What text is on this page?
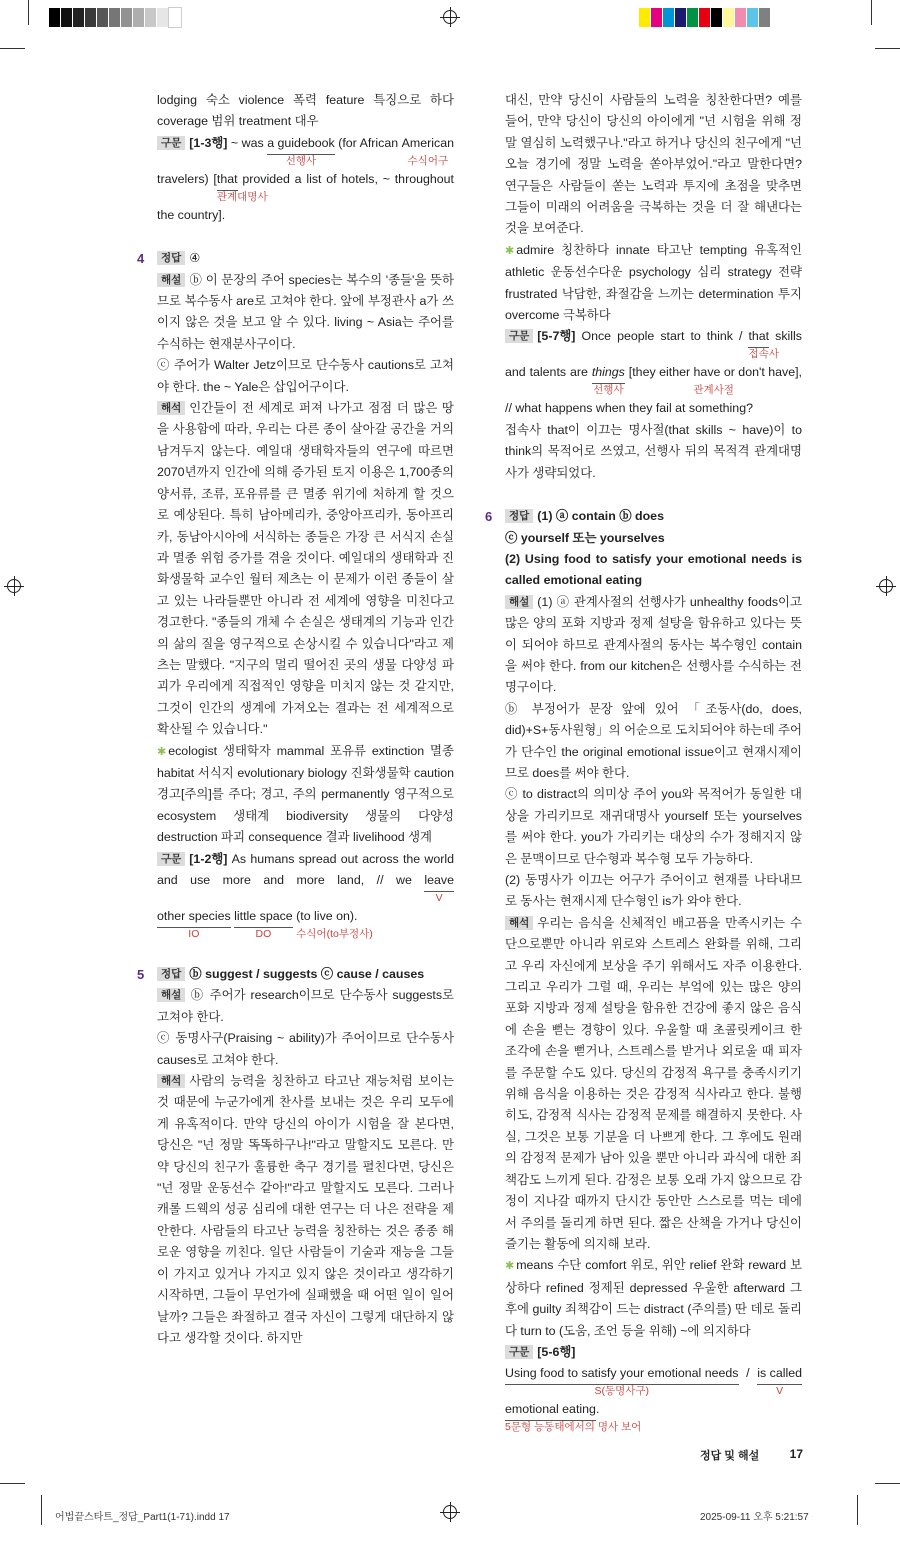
lodging 숙소 violence 폭력 feature 특징으로 하다 coverage 범위 treatment 대우

구문 [1-3행] ~ was a guidebook
선행사
(for African American
수식어구
travelers) [that
관계대명사
provided a list of hotels, ~ throughout the country].

4	정답 ④

해설 ⓑ 이 문장의 주어 species는 복수의 '종들'을 뜻하므로 복수동사 are로 고쳐야 한다. 앞에 부정관사 a가 쓰이지 않은 것을 보고 알 수 있다. living ~ Asia는 주어를 수식하는 현재분사구이다.

ⓒ 주어가 Walter Jetz이므로 단수동사 cautions로 고쳐야 한다. the ~ Yale은 삽입어구이다.

해석 인간들이 전 세계로 퍼져 나가고 점점 더 많은 땅을 사용함에 따라, 우리는 다른 종이 살아갈 공간을 거의 남겨두지 않는다. 예일대 생태학자들의 연구에 따르면 2070년까지 인간에 의해 증가된 토지 이용은 1,700종의 양서류, 조류, 포유류를 큰 멸종 위기에 처하게 할 것으로 예상된다. 특히 남아메리카, 중앙아프리카, 동아프리카, 동남아시아에 서식하는 종들은 가장 큰 서식지 손실과 멸종 위험 증가를 겪을 것이다. 예일대의 생태학과 진화생물학 교수인 월터 제츠는 이 문제가 이런 종들이 살고 있는 나라들뿐만 아니라 전 세계에 영향을 미친다고 경고한다. "종들의 개체 수 손실은 생태계의 기능과 인간의 삶의 질을 영구적으로 손상시킬 수 있습니다"라고 제츠는 말했다. "지구의 멀리 떨어진 곳의 생물 다양성 파괴가 우리에게 직접적인 영향을 미치지 않는 것 같지만, 그것이 인간의 생계에 가져오는 결과는 전 세계적으로 확산될 수 있습니다."

✱ ecologist 생태학자 mammal 포유류 extinction 멸종 habitat 서식지 evolutionary biology 진화생물학 caution 경고[주의]를 주다; 경고, 주의 permanently 영구적으로 ecosystem 생태계 biodiversity 생물의 다양성 destruction 파괴 consequence 결과 livelihood 생계

구문 [1-2행] As humans spread out across the world and use more and more land, // we leave
V
other species
IO
little space
DO
(to live on)
수식어(to부정사)
.

5	정답 ⓑ suggest / suggests ⓒ cause / causes

해설 ⓑ 주어가 research이므로 단수동사 suggests로 고쳐야 한다.

ⓒ 동명사구(Praising ~ ability)가 주어이므로 단수동사 causes로 고쳐야 한다.

해석 사람의 능력을 칭찬하고 타고난 재능처럼 보이는 것 때문에 누군가에게 찬사를 보내는 것은 우리 모두에게 유혹적이다. 만약 당신의 아이가 시험을 잘 본다면, 당신은 "넌 정말 똑똑하구나!"라고 말할지도 모른다. 만약 당신의 친구가 훌륭한 축구 경기를 펼친다면, 당신은 "넌 정말 운동선수 같아!"라고 말할지도 모른다. 그러나 캐롤 드웩의 성공 심리에 대한 연구는 더 나은 전략을 제안한다. 사람들의 타고난 능력을 칭찬하는 것은 종종 해로운 영향을 끼친다. 일단 사람들이 기술과 재능을 그들이 가지고 있거나 가지고 있지 않은 것이라고 생각하기 시작하면, 그들이 무언가에 실패했을 때 어떤 일이 일어날까? 그들은 좌절하고 결국 자신이 그렇게 대단하지 않다고 생각할 것이다. 하지만

대신, 만약 당신이 사람들의 노력을 칭찬한다면? 예를 들어, 만약 당신이 당신의 아이에게 "넌 시험을 위해 정말 열심히 노력했구나."라고 하거나 당신의 친구에게 "넌 오늘 경기에 정말 노력을 쏟아부었어."라고 말한다면? 연구들은 사람들이 쏟는 노력과 투지에 초점을 맞추면 그들이 미래의 어려움을 극복하는 것을 더 잘 해낸다는 것을 보여준다.

✱ admire 칭찬하다 innate 타고난 tempting 유혹적인 athletic 운동선수다운 psychology 심리 strategy 전략 frustrated 낙담한, 좌절감을 느끼는 determination 투지 overcome 극복하다

구문 [5-7행] Once people start to think / that
접속사
skills and talents are things
선행사
[they either have or don't have]
관계사절
, // what happens when they fail at something?

접속사 that이 이끄는 명사절(that skills ~ have)이 to think의 목적어로 쓰였고, 선행사 뒤의 목적격 관계대명사가 생략되었다.

6	정답 (1) ⓐ contain ⓑ does

ⓒ yourself 또는 yourselves

(2) Using food to satisfy your emotional needs is called emotional eating

해설 (1) ⓐ 관계사절의 선행사가 unhealthy foods이고 많은 양의 포화 지방과 정제 설탕을 함유하고 있다는 뜻이 되어야 하므로 관계사절의 동사는 복수형인 contain을 써야 한다. from our kitchen은 선행사를 수식하는 전명구이다.

ⓑ 부정어가 문장 앞에 있어 「조동사(do, does, did)+S+동사원형」의 어순으로 도치되어야 하는데 주어가 단수인 the original emotional issue이고 현재시제이므로 does를 써야 한다.

ⓒ to distract의 의미상 주어 you와 목적어가 동일한 대상을 가리키므로 재귀대명사 yourself 또는 yourselves를 써야 한다. you가 가리키는 대상의 수가 정해지지 않은 문맥이므로 단수형과 복수형 모두 가능하다.

(2) 동명사가 이끄는 어구가 주어이고 현재를 나타내므로 동사는 현재시제 단수형인 is가 와야 한다.

해석 우리는 음식을 신체적인 배고픔을 만족시키는 수단으로뿐만 아니라 위로와 스트레스 완화를 위해, 그리고 우리 자신에게 보상을 주기 위해서도 자주 이용한다. 그리고 우리가 그럴 때, 우리는 부엌에 있는 많은 양의 포화 지방과 정제 설탕을 함유한 건강에 좋지 않은 음식에 손을 뻗는 경향이 있다. 우울할 때 초콜릿케이크 한 조각에 손을 뻗거나, 스트레스를 받거나 외로울 때 피자를 주문할 수도 있다. 당신의 감정적 욕구를 충족시키기 위해 음식을 이용하는 것은 감정적 식사라고 한다. 불행히도, 감정적 식사는 감정적 문제를 해결하지 못한다. 사실, 그것은 보통 기분을 더 나쁘게 한다. 그 후에도 원래의 감정적 문제가 남아 있을 뿐만 아니라 과식에 대한 죄책감도 느끼게 된다. 감정은 보통 오래 가지 않으므로 감정이 지나갈 때까지 단시간 동안만 스스로를 먹는 데에서 주의를 돌리게 하면 된다. 짧은 산책을 가거나 당신이 즐기는 활동에 의지해 보라.

✱ means 수단 comfort 위로, 위안 relief 완화 reward 보상하다 refined 정제된 depressed 우울한 afterward 그 후에 guilty 죄책감이 드는 distract (주의를) 딴 데로 돌리다 turn to (도움, 조언 등을 위해) ~에 의지하다

구문 [5-6행] Using food to satisfy your emotional needs
S(동명사구)
/ is called
V
emotional eating
5문형 능동태에서의 명사 보어
.

정답 및 해설	17
어법끝스타트_정답_Part1(1-71).indd 17	2025-09-11 오후 5:21:57
